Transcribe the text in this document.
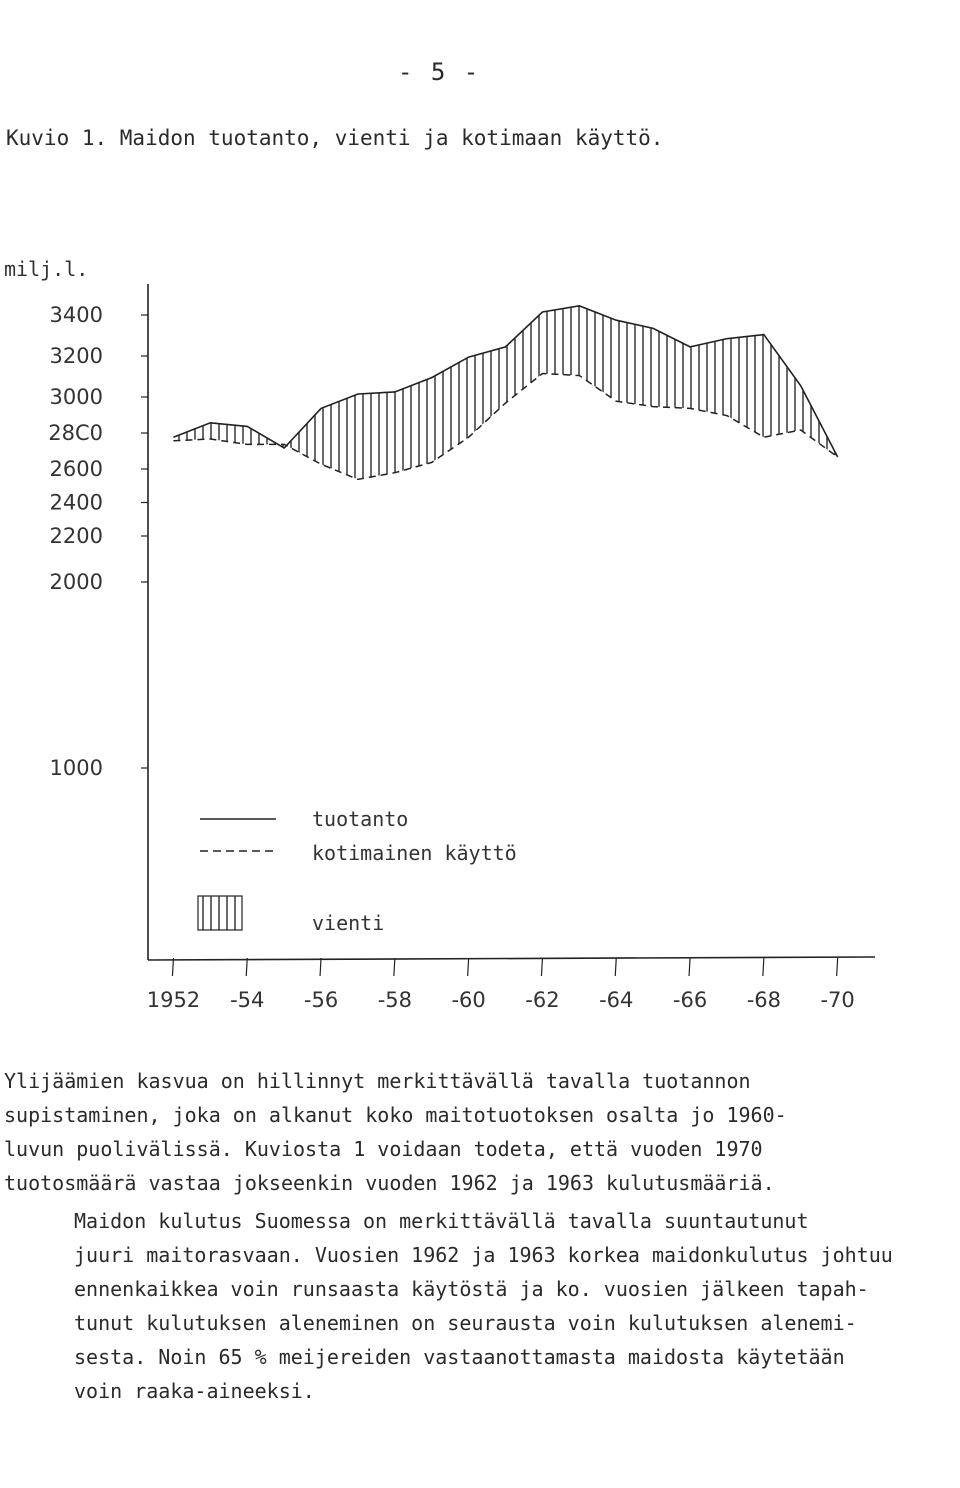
- 5 -
Kuvio 1. Maidon tuotanto, vienti ja kotimaan käyttö.
3400
3200
3000
28C0
2600
2400
2200
2000
1000
1952 -54 -56 -58 -60 -62 -64 -66 -68 -70
milj.l.
tuotanto
kotimainen käyttö
vienti

Ylijäämien kasvua on hillinnyt merkittävällä tavalla tuotannon
supistaminen, joka on alkanut koko maitotuotoksen osalta jo 1960-
luvun puolivälissä. Kuviosta 1 voidaan todeta, että vuoden 1970
tuotosmäärä vastaa jokseenkin vuoden 1962 ja 1963 kulutusmääriä.

Maidon kulutus Suomessa on merkittävällä tavalla suuntautunut
juuri maitorasvaan. Vuosien 1962 ja 1963 korkea maidonkulutus johtuu
ennenkaikkea voin runsaasta käytöstä ja ko. vuosien jälkeen tapah-
tunut kulutuksen aleneminen on seurausta voin kulutuksen alenemi-
sesta. Noin 65 % meijereiden vastaanottamasta maidosta käytetään
voin raaka-aineeksi.
